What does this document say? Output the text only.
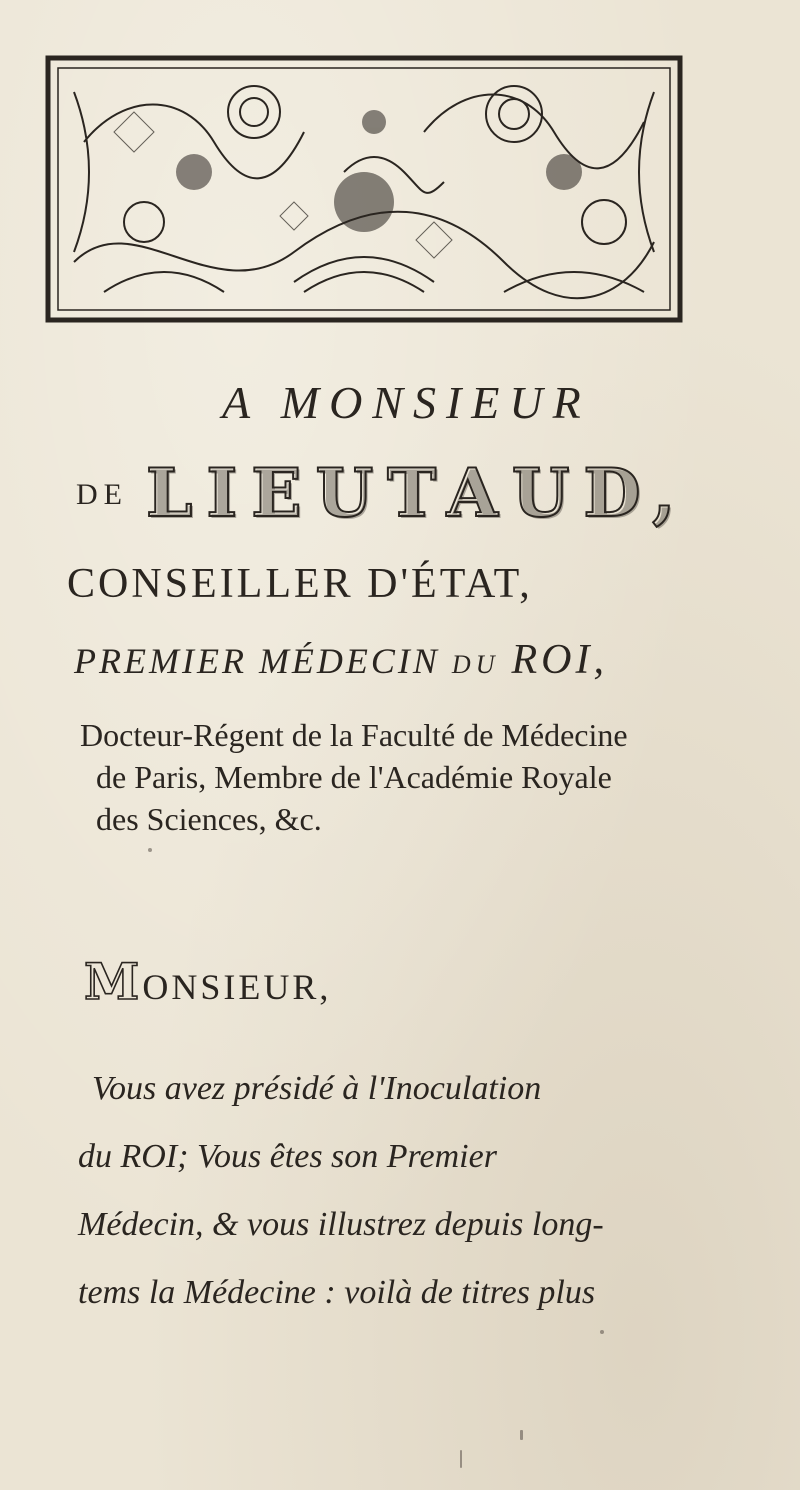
A MONSIEUR
DE LIEUTAUD,
CONSEILLER D'ÉTAT,
PREMIER MÉDECIN DU ROI,
Docteur-Régent de la Faculté de Médecine
de Paris, Membre de l'Académie Royale
des Sciences, &c.
MONSIEUR,
Vous avez présidé à l'Inoculation
du ROI; Vous êtes son Premier
Médecin, & vous illustrez depuis long-
tems la Médecine : voilà de titres plus
